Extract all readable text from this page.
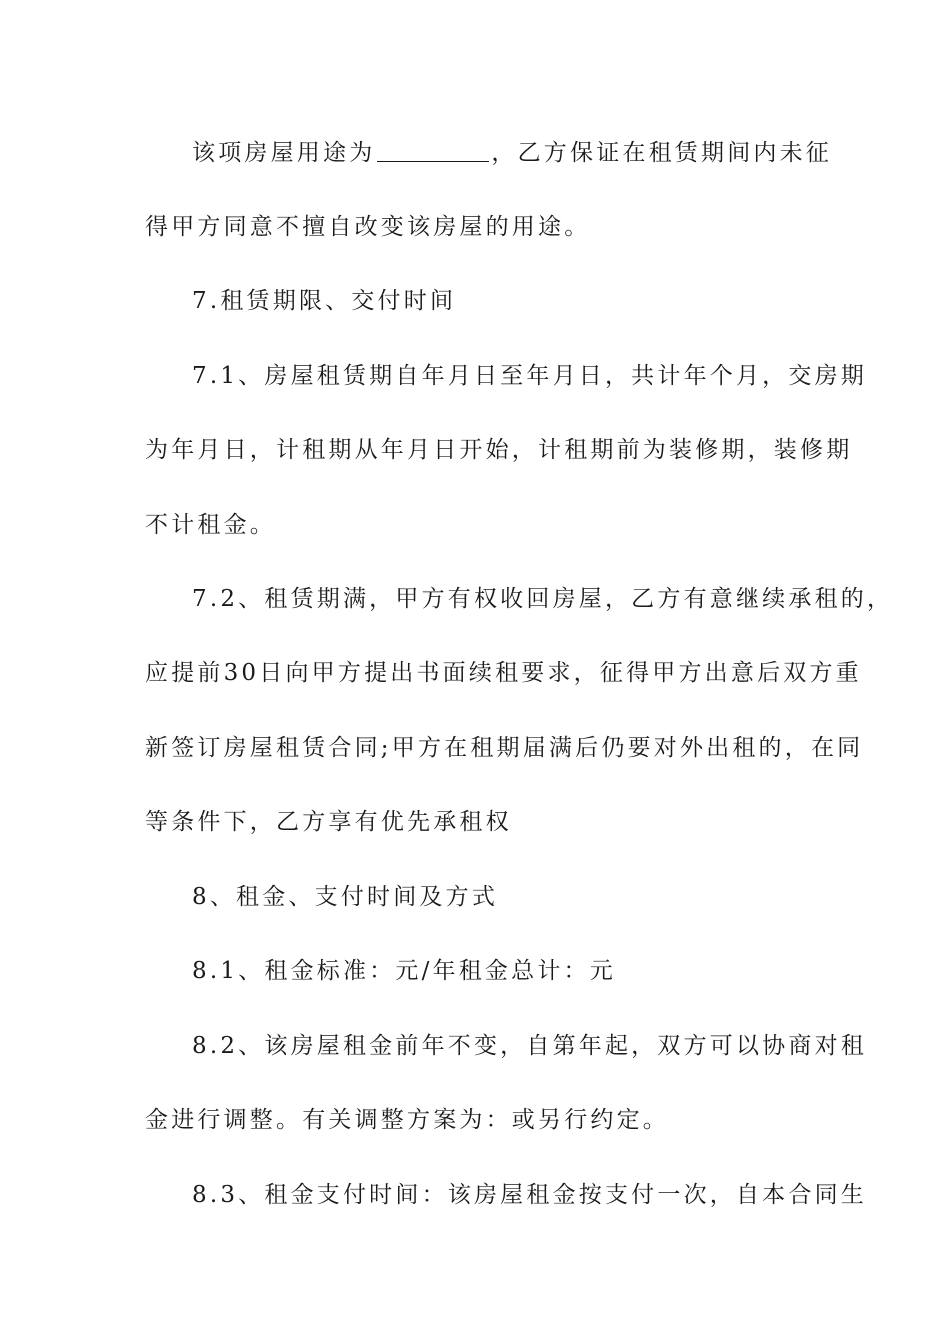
该项房屋用途为	，乙方保证在租赁期间内未征
得甲方同意不擅自改变该房屋的用途。
7.租赁期限、交付时间
7.1、房屋租赁期自年月日至年月日，共计年个月，交房期
为年月日，计租期从年月日开始，计租期前为装修期，装修期
不计租金。
7.2、租赁期满，甲方有权收回房屋，乙方有意继续承租的，
应提前30日向甲方提出书面续租要求，征得甲方出意后双方重
新签订房屋租赁合同;甲方在租期届满后仍要对外出租的，在同
等条件下，乙方享有优先承租权
8、租金、支付时间及方式
8.1、租金标准：元/年租金总计：元
8.2、该房屋租金前年不变，自第年起，双方可以协商对租
金进行调整。有关调整方案为：或另行约定。
8.3、租金支付时间：该房屋租金按支付一次，自本合同生
